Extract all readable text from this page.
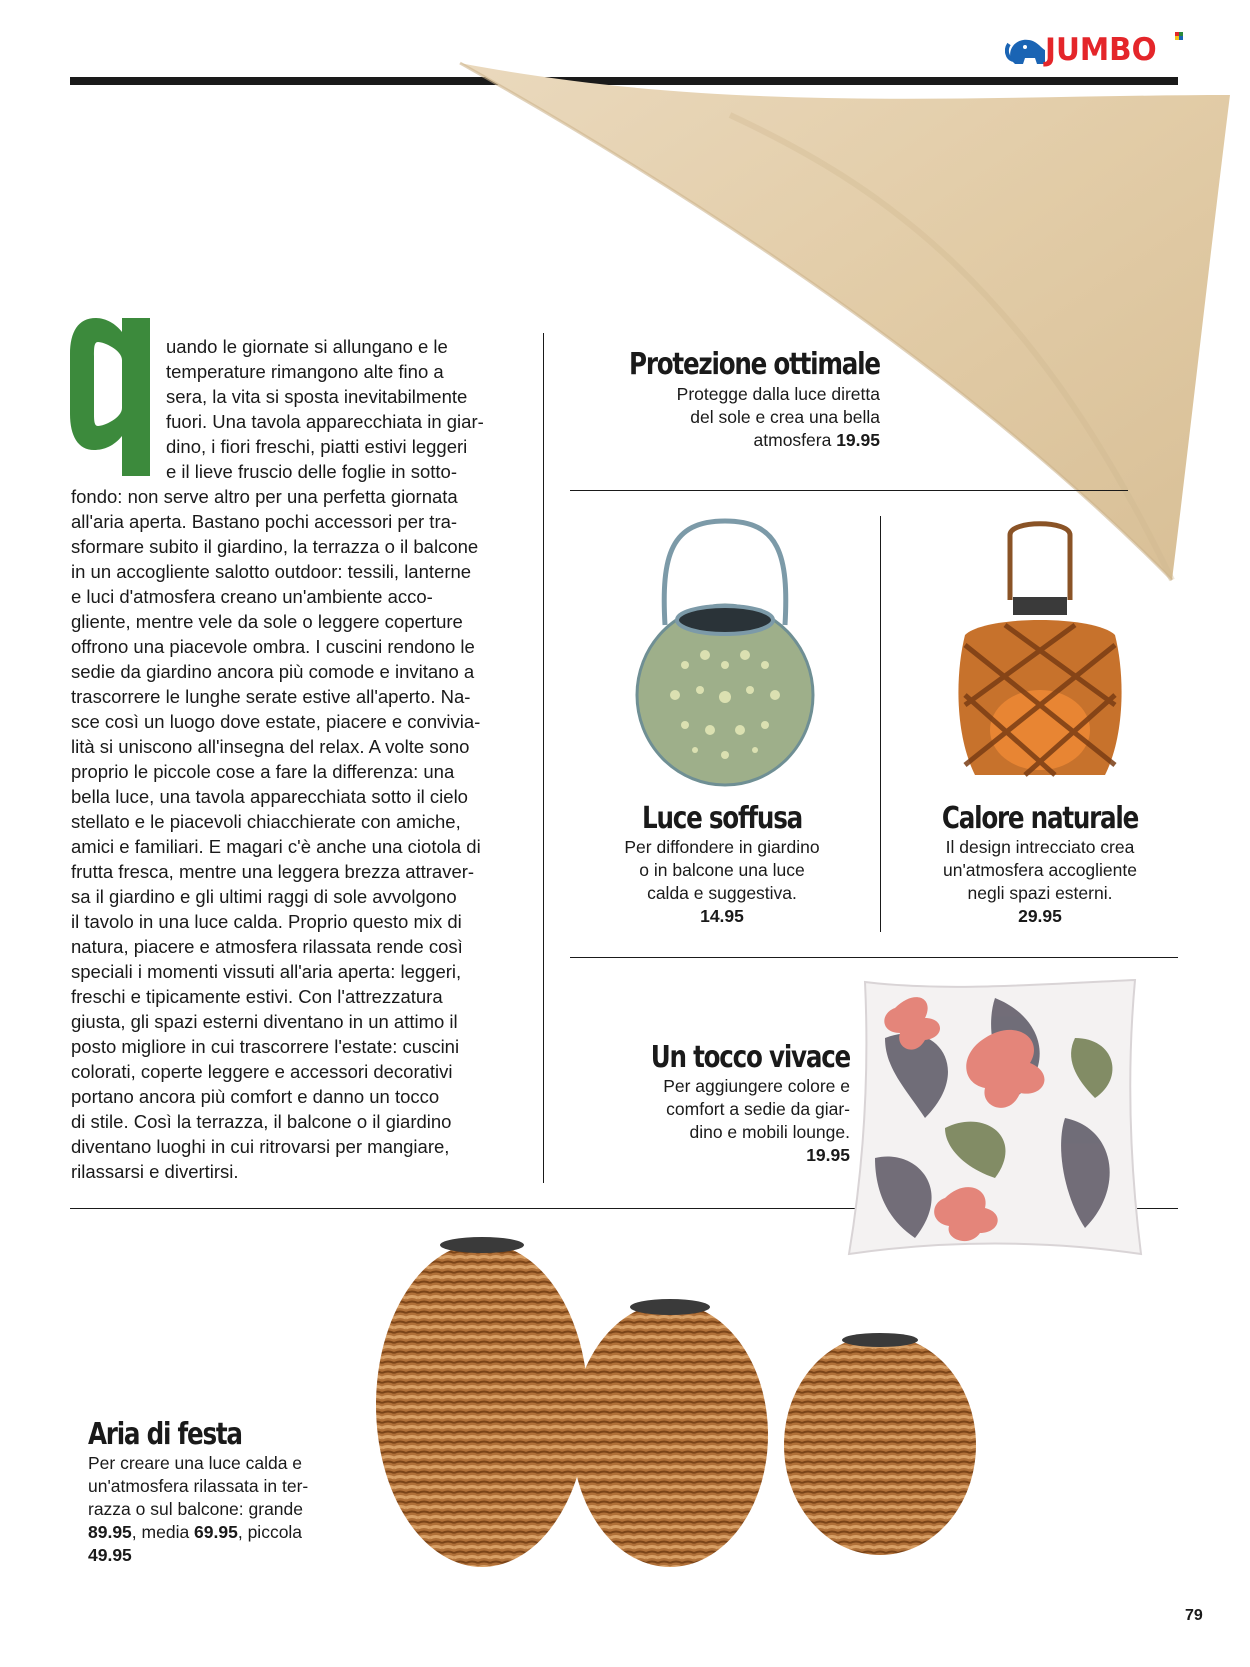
JUMBO
uando le giornate si allungano e le
temperature rimangono alte fino a
sera, la vita si sposta inevitabilmente
fuori. Una tavola apparecchiata in giar-
dino, i fiori freschi, piatti estivi leggeri
e il lieve fruscio delle foglie in sotto-
fondo: non serve altro per una perfetta giornata
all'aria aperta. Bastano pochi accessori per tra-
sformare subito il giardino, la terrazza o il balcone
in un accogliente salotto outdoor: tessili, lanterne
e luci d'atmosfera creano un'ambiente acco-
gliente, mentre vele da sole o leggere coperture
offrono una piacevole ombra. I cuscini rendono le
sedie da giardino ancora più comode e invitano a
trascorrere le lunghe serate estive all'aperto. Na-
sce così un luogo dove estate, piacere e convivia-
lità si uniscono all'insegna del relax. A volte sono
proprio le piccole cose a fare la differenza: una
bella luce, una tavola apparecchiata sotto il cielo
stellato e le piacevoli chiacchierate con amiche,
amici e familiari. E magari c'è anche una ciotola di
frutta fresca, mentre una leggera brezza attraver-
sa il giardino e gli ultimi raggi di sole avvolgono
il tavolo in una luce calda. Proprio questo mix di
natura, piacere e atmosfera rilassata rende così
speciali i momenti vissuti all'aria aperta: leggeri,
freschi e tipicamente estivi. Con l'attrezzatura
giusta, gli spazi esterni diventano in un attimo il
posto migliore in cui trascorrere l'estate: cuscini
colorati, coperte leggere e accessori decorativi
portano ancora più comfort e danno un tocco
di stile. Così la terrazza, il balcone o il giardino
diventano luoghi in cui ritrovarsi per mangiare,
rilassarsi e divertirsi.
Protezione ottimale
Protegge dalla luce diretta
del sole e crea una bella
atmosfera 19.95
Luce soffusa
Per diffondere in giardino
o in balcone una luce
calda e suggestiva.
14.95
Calore naturale
Il design intrecciato crea
un'atmosfera accogliente
negli spazi esterni.
29.95
Un tocco vivace
Per aggiungere colore e
comfort a sedie da giar-
dino e mobili lounge.
19.95
Aria di festa
Per creare una luce calda e
un'atmosfera rilassata in ter-
razza o sul balcone: grande
89.95, media 69.95, piccola
49.95
79
